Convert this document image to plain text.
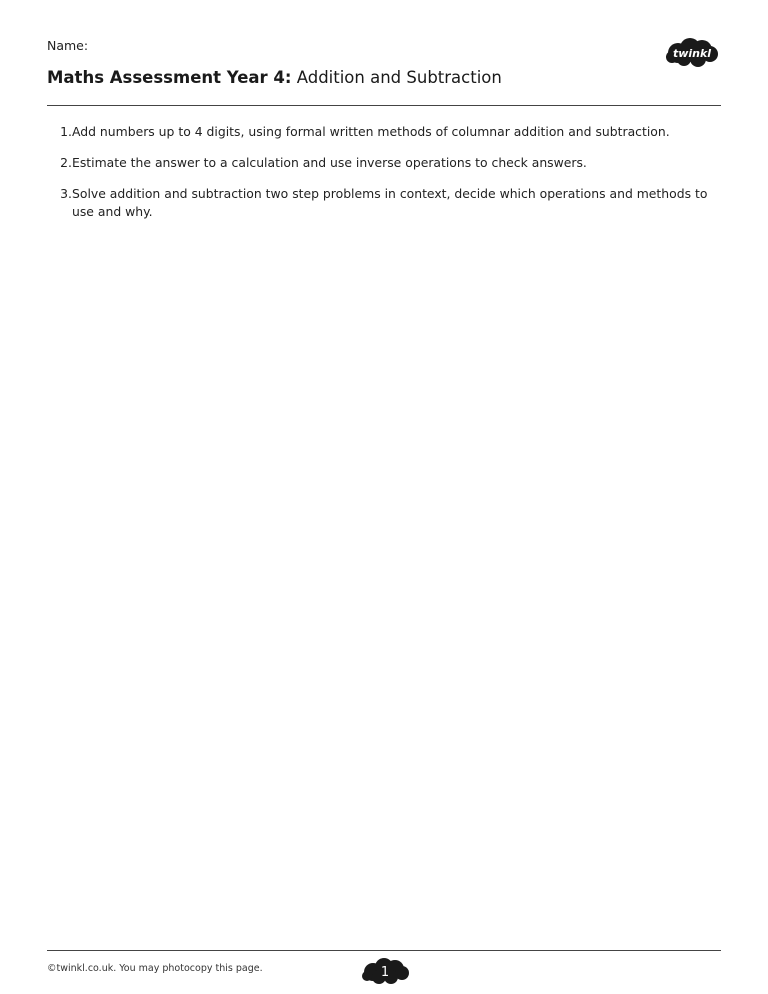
Name:
twinkl
Maths Assessment Year 4: Addition and Subtraction
1. Add numbers up to 4 digits, using formal written methods of columnar addition and subtraction.
2. Estimate the answer to a calculation and use inverse operations to check answers.
3. Solve addition and subtraction two step problems in context, decide which operations and methods to use and why.
©twinkl.co.uk. You may photocopy this page.	1
